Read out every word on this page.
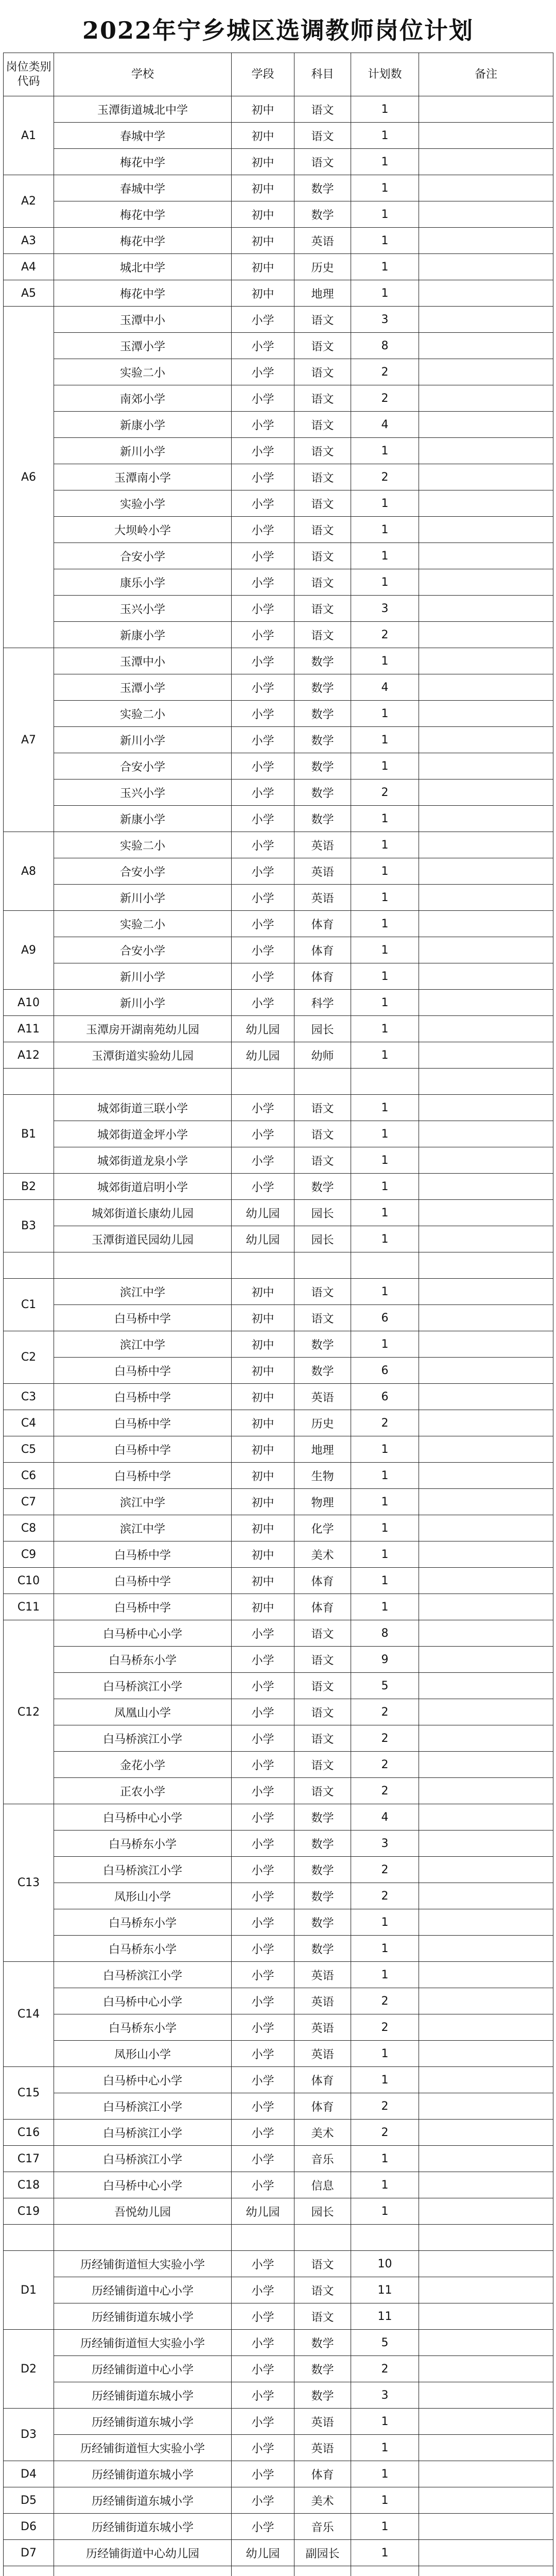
2022年宁乡城区选调教师岗位计划
岗位类别代码	学校	学段	科目	计划数	备注
A1	玉潭街道城北中学	初中	语文	1	
	春城中学	初中	语文	1	
	梅花中学	初中	语文	1	
A2	春城中学	初中	数学	1	
	梅花中学	初中	数学	1	
A3	梅花中学	初中	英语	1	
A4	城北中学	初中	历史	1	
A5	梅花中学	初中	地理	1	
A6	玉潭中小	小学	语文	3	
	玉潭小学	小学	语文	8	
	实验二小	小学	语文	2	
	南郊小学	小学	语文	2	
	新康小学	小学	语文	4	
	新川小学	小学	语文	1	
	玉潭南小学	小学	语文	2	
	实验小学	小学	语文	1	
	大坝岭小学	小学	语文	1	
	合安小学	小学	语文	1	
	康乐小学	小学	语文	1	
	玉兴小学	小学	语文	3	
	新康小学	小学	语文	2	
A7	玉潭中小	小学	数学	1	
	玉潭小学	小学	数学	4	
	实验二小	小学	数学	1	
	新川小学	小学	数学	1	
	合安小学	小学	数学	1	
	玉兴小学	小学	数学	2	
	新康小学	小学	数学	1	
A8	实验二小	小学	英语	1	
	合安小学	小学	英语	1	
	新川小学	小学	英语	1	
A9	实验二小	小学	体育	1	
	合安小学	小学	体育	1	
	新川小学	小学	体育	1	
A10	新川小学	小学	科学	1	
A11	玉潭房开湖南苑幼儿园	幼儿园	园长	1	
A12	玉潭街道实验幼儿园	幼儿园	幼师	1	

B1	城郊街道三联小学	小学	语文	1	
	城郊街道金坪小学	小学	语文	1	
	城郊街道龙泉小学	小学	语文	1	
B2	城郊街道启明小学	小学	数学	1	
B3	城郊街道长康幼儿园	幼儿园	园长	1	
	玉潭街道民园幼儿园	幼儿园	园长	1	

C1	滨江中学	初中	语文	1	
	白马桥中学	初中	语文	6	
C2	滨江中学	初中	数学	1	
	白马桥中学	初中	数学	6	
C3	白马桥中学	初中	英语	6	
C4	白马桥中学	初中	历史	2	
C5	白马桥中学	初中	地理	1	
C6	白马桥中学	初中	生物	1	
C7	滨江中学	初中	物理	1	
C8	滨江中学	初中	化学	1	
C9	白马桥中学	初中	美术	1	
C10	白马桥中学	初中	体育	1	
C11	白马桥中学	初中	体育	1	
C12	白马桥中心小学	小学	语文	8	
	白马桥东小学	小学	语文	9	
	白马桥滨江小学	小学	语文	5	
	凤凰山小学	小学	语文	2	
	白马桥滨江小学	小学	语文	2	
	金花小学	小学	语文	2	
	正农小学	小学	语文	2	
C13	白马桥中心小学	小学	数学	4	
	白马桥东小学	小学	数学	3	
	白马桥滨江小学	小学	数学	2	
	凤形山小学	小学	数学	2	
	白马桥东小学	小学	数学	1	
	白马桥东小学	小学	数学	1	
C14	白马桥滨江小学	小学	英语	1	
	白马桥中心小学	小学	英语	2	
	白马桥东小学	小学	英语	2	
	凤形山小学	小学	英语	1	
C15	白马桥中心小学	小学	体育	1	
	白马桥滨江小学	小学	体育	2	
C16	白马桥滨江小学	小学	美术	2	
C17	白马桥滨江小学	小学	音乐	1	
C18	白马桥中心小学	小学	信息	1	
C19	吾悦幼儿园	幼儿园	园长	1	

D1	历经铺街道恒大实验小学	小学	语文	10	
	历经铺街道中心小学	小学	语文	11	
	历经铺街道东城小学	小学	语文	11	
D2	历经铺街道恒大实验小学	小学	数学	5	
	历经铺街道中心小学	小学	数学	2	
	历经铺街道东城小学	小学	数学	3	
D3	历经铺街道东城小学	小学	英语	1	
	历经铺街道恒大实验小学	小学	英语	1	
D4	历经铺街道东城小学	小学	体育	1	
D5	历经铺街道东城小学	小学	美术	1	
D6	历经铺街道东城小学	小学	音乐	1	
D7	历经铺街道中心幼儿园	幼儿园	副园长	1	
